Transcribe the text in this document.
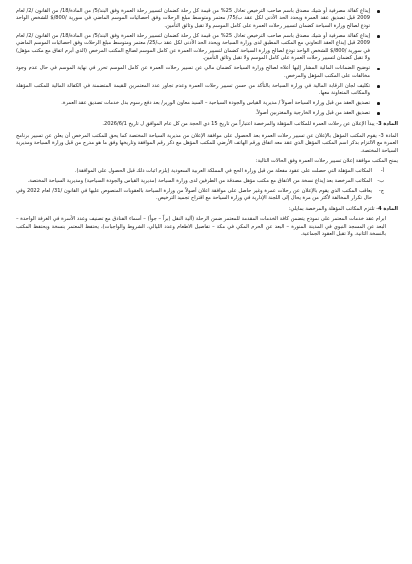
إيداع كفالة مصرفية أو شيك مصدق باسم صاحب الترخيص تعادل 25% من قيمة كل رحلة كضمان لتسيير رحلة العمرة وفق البند/5/ من المادة/18/ من القانون /2/ لعام 2009 قبل تصديق عقد العمرة ويحدد الحد الأدنى لكل عقد ب/75/ معتمر ومتوسط مبلغ الرحلات وفق احصائيات الموسم الماضي في سورية /800/$ للشخص الواحد تودع لصالح وزارة السياحة كضمان لتسيير رحلات العمرة على كامل الموسم ولا تقبل وثائق التأمين.
إيداع كفالة مصرفية أو شيك مصدق باسم صاحب الترخيص تعادل 25% من قيمة كل رحلة كضمان لتسيير رحلة العمرة وفق البند/5/ من المادة/18/ من القانون /2/ لعام 2009 قبل إبداع العقد التعاوني مع المكتب المطبق لدى وزارة السياحة ويحدد الحد الأدنى لكل عقد ب/25/ معتمر ومتوسط مبلغ الرحلات وفق احصائيات الموسم الماضي في سورية /800/$ للشخص الواحد تودع لصالح وزارة السياحة كضمان لتسيير رحلات العمرة عن كامل الموسم لصالح المكتب المرخص (الذي أبرم اتفاق مع مكتب مؤهل) ولا تقبل كضمان لتسيير رحلات العمرة على كامل الموسم ولا تقبل وثائق التأمين.
توضيح الضمانات المالية المشار إليها أعلاه لصالح وزارة السياحة كضمان مالي عن تسيير رحلات العمرة عن كامل الموسم تحرر في نهاية الموسم في حال عدم وجود مخالفات على المكتب المؤهل والمرخص.
تكليف لجان الرقابة المالية في وزارة السياحة بالتأكد من حسن تسيير رحلات العمرة وعدم تجاوز عدد المعتمرين للقيمة المتضمنة في الكفالة المالية للمكتب المؤهلة والمكاتب المتعاونة معها.
تصديق العقد من قبل وزارة السياحة أصولاً / مديرية القياس والجودة السياحية – السيد معاون الوزير/ بعد دفع رسوم بدل خدمات تصديق عقد العمرة.
تصديق العقد من قبل وزارة الخارجية والمغتربين أصولاً.

المادة 3- يبدأ الإعلان عن رحلات العمرة للمكاتب المؤهلة والمرخصة اعتباراً من تاريخ 15 ذي الحجة من كل عام الموافق ل تاريخ 2026/6/1.

المادة 3- يقوم المكتب المؤهل بالإعلان عن تسيير رحلات العمرة بعد الحصول على موافقة الإعلان من مديرية السياحة المختصة كما يحق للمكتب المرخص أن يعلن عن تسيير برنامج العمرة مع الالتزام بذكر اسم المكتب المؤهل الذي عقد معه اتفاق ورقم الهاتف الأرضي للمكتب المؤهل مع ذكر رقم الموافقة وتاريخها وفق ما هو مدرج من قبل وزارة السياحة ومديرية السياحة المختصة.

يمنح المكتب موافقة إعلان تسيير رحلات العمرة وفق الحالات التالية:

أ-
المكاتب المؤهلة التي حصلت على عقود مفعلة من قبل وزارة الحج في المملكة العربية السعودية (يلزم اثبات ذلك قبل الحصول على الموافقة).
ب-
المكاتب المرخصة بعد إيداع نسخة من الاتفاق مع مكتب مؤهل مصدقة من الطرفين لدى وزارة السياحة (مديرية القياس والجودة السياحية) ومديرية السياحة المختصة.
ج-
يعاقب المكتب الذي يقوم بالإعلان عن رحلات عمرة وغير حاصل على موافقة اعلان أصولاً من وزارة السياحة بالعقوبات المنصوص عليها في القانون /31/ لعام 2022 وفي حال تكرار المخالفة لأكثر من مرة يحال إلى اللجنة الإدارية في وزارة السياحة مع اقتراح تجميد الترخيص.

المادة 4- تلتزم المكاتب المؤهلة والمرخصة بمايلي:

ابرام عقد خدمات المعتمر على نموذج يتضمن كافة الخدمات المقدمة للمعتمر ضمن الرحلة (آلية النقل (براً – جواً) – أسماء الفنادق مع تصنيف وعدد الأسرة في الغرفة الواحدة – البعد عن المسجد النبوي في المدينة المنورة – البعد عن الحرم المكي في مكة – تفاصيل الاطعام وعدد الليالي، الشروط والواجبات)، يحتفظ المعتمر بنسخة ويحتفظ المكتب بالنسخة الثانية. ولا تقبل العقود الجماعية.
